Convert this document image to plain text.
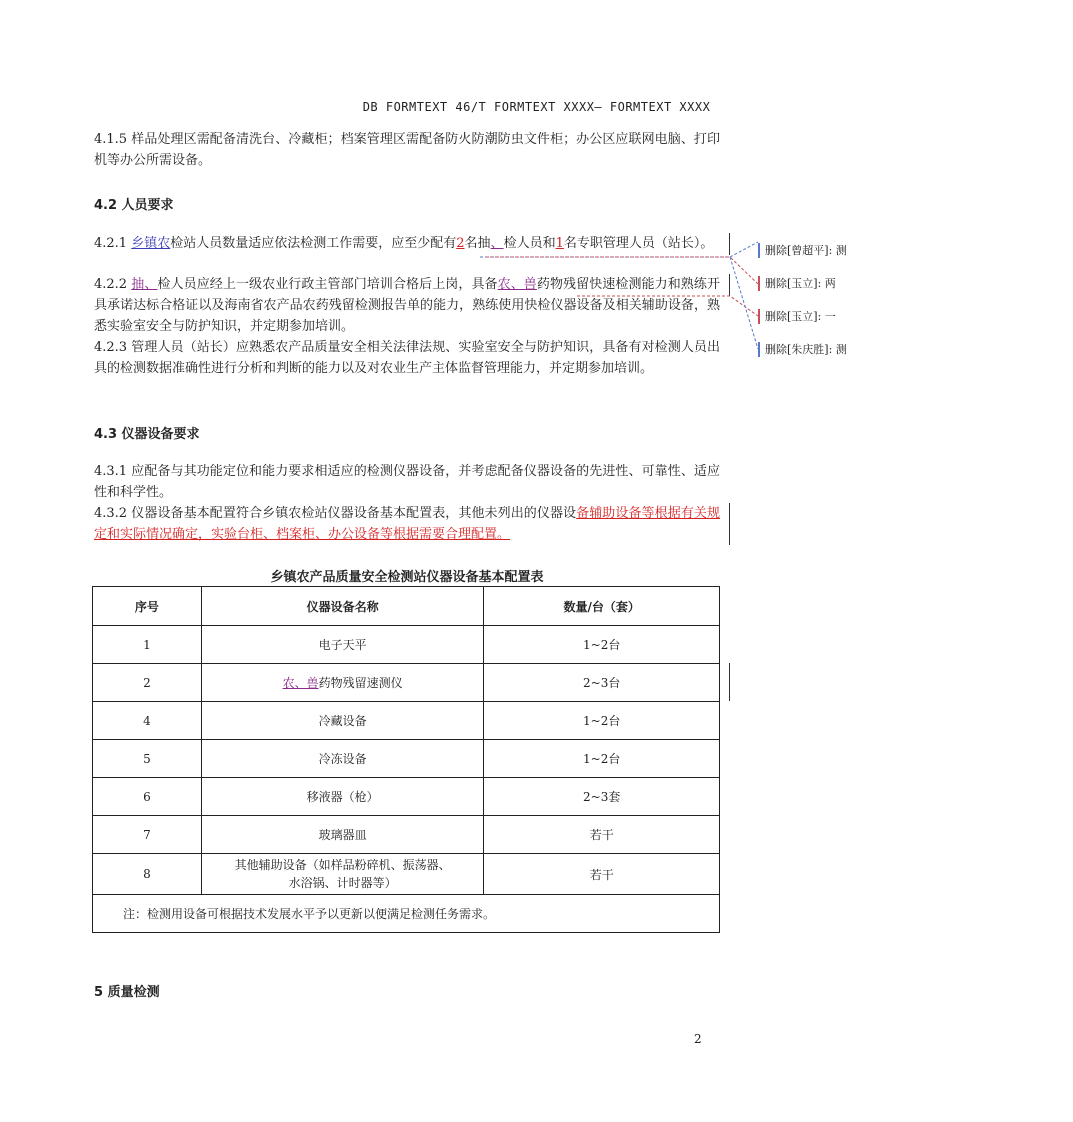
DB FORMTEXT 46/T FORMTEXT XXXX— FORMTEXT XXXX
4.1.5 样品处理区需配备清洗台、冷藏柜；档案管理区需配备防火防潮防虫文件柜；办公区应联网电脑、打印机等办公所需设备。
4.2 人员要求
4.2.1 乡镇农检站人员数量适应依法检测工作需要，应至少配有2名抽、检人员和1名专职管理人员（站长）。
4.2.2 抽、检人员应经上一级农业行政主管部门培训合格后上岗，具备农、兽药物残留快速检测能力和熟练开具承诺达标合格证以及海南省农产品农药残留检测报告单的能力，熟练使用快检仪器设备及相关辅助设备，熟悉实验室安全与防护知识，并定期参加培训。
4.2.3 管理人员（站长）应熟悉农产品质量安全相关法律法规、实验室安全与防护知识，具备有对检测人员出具的检测数据准确性进行分析和判断的能力以及对农业生产主体监督管理能力，并定期参加培训。
4.3 仪器设备要求
4.3.1 应配备与其功能定位和能力要求相适应的检测仪器设备，并考虑配备仪器设备的先进性、可靠性、适应性和科学性。
4.3.2 仪器设备基本配置符合乡镇农检站仪器设备基本配置表，其他未列出的仪器设备辅助设备等根据有关规定和实际情况确定，实验台柜、档案柜、办公设备等根据需要合理配置。
乡镇农产品质量安全检测站仪器设备基本配置表
序号	仪器设备名称	数量/台（套）
1	电子天平	1~2台
2	农、兽药物残留速测仪	2~3台
4	冷藏设备	1~2台
5	冷冻设备	1~2台
6	移液器（枪）	2~3套
7	玻璃器皿	若干
8	其他辅助设备（如样品粉碎机、振荡器、水浴锅、计时器等）	若干
注：检测用设备可根据技术发展水平予以更新以便满足检测任务需求。		
5 质量检测
2
删除[曾超平]: 测
删除[玉立]: 两
删除[玉立]: 一
删除[朱庆胜]: 测
